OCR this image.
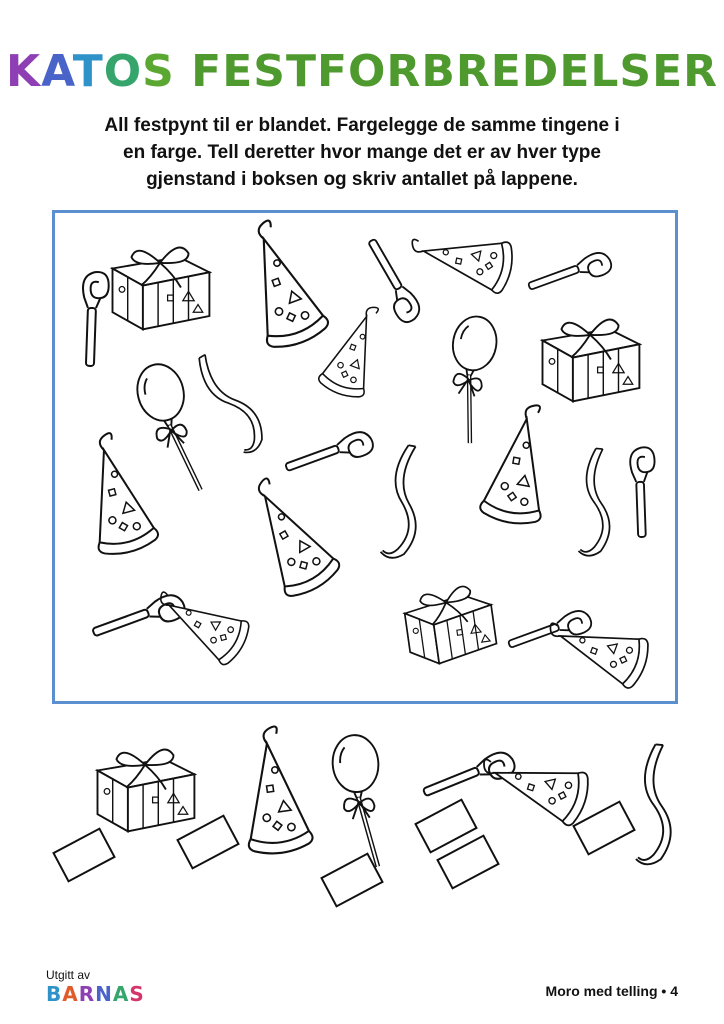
KATOS FESTFORBREDELSER
All festpynt til er blandet. Fargelegge de samme tingene i
en farge. Tell deretter hvor mange det er av hver type
gjenstand i boksen og skriv antallet på lappene.
Utgitt av
BARNAS	Moro med telling • 4
